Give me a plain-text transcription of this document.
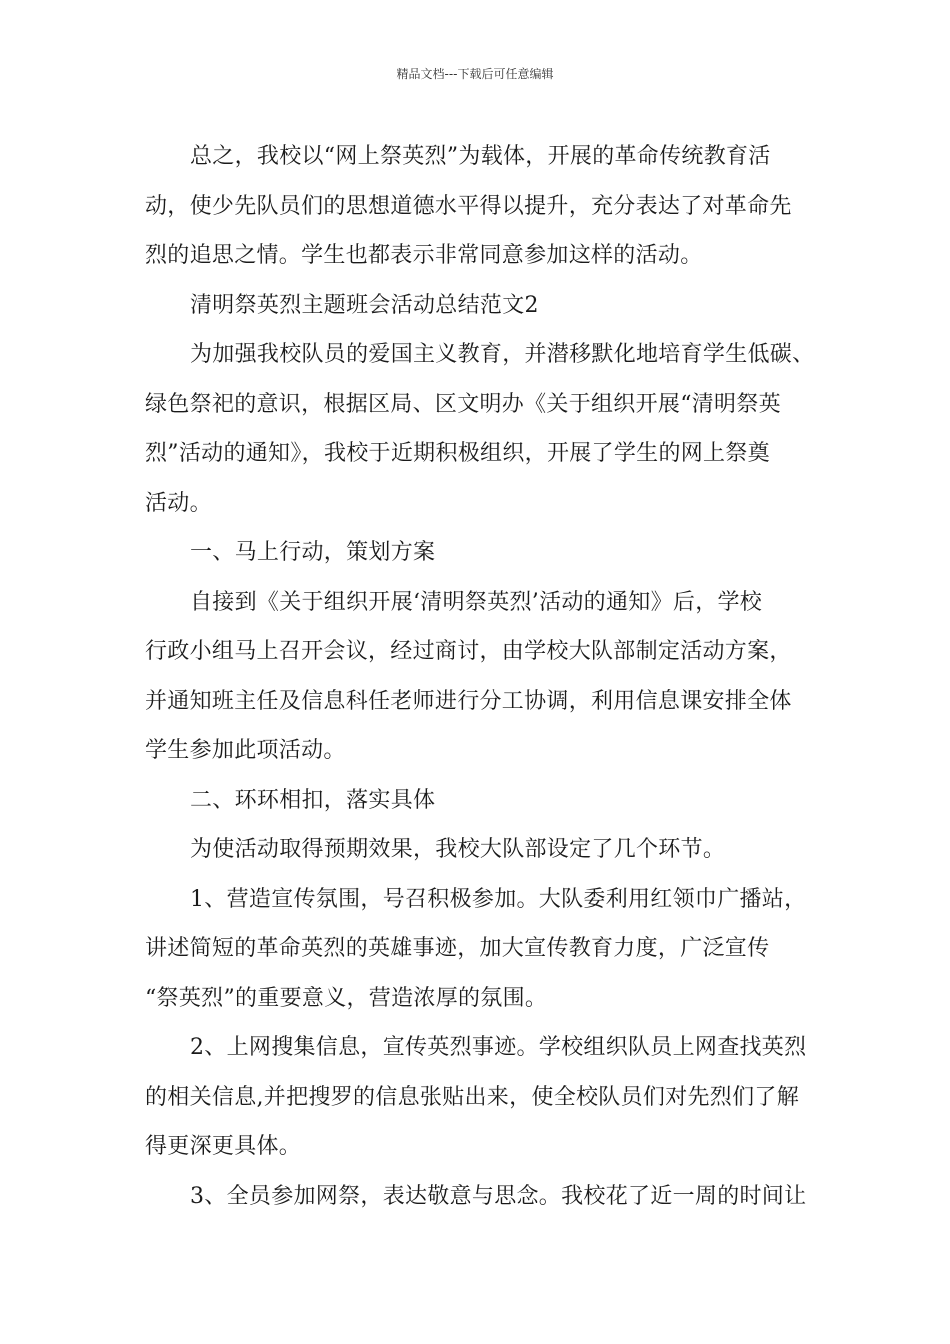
精品文档---下载后可任意编辑

总之，我校以“网上祭英烈”为载体，开展的革命传统教育活

动，使少先队员们的思想道德水平得以提升，充分表达了对革命先

烈的追思之情。学生也都表示非常同意参加这样的活动。

清明祭英烈主题班会活动总结范文2

为加强我校队员的爱国主义教育，并潜移默化地培育学生低碳、

绿色祭祀的意识，根据区局、区文明办《关于组织开展“清明祭英

烈”活动的通知》，我校于近期积极组织，开展了学生的网上祭奠

活动。

一、马上行动，策划方案

自接到《关于组织开展‘清明祭英烈’活动的通知》后，学校

行政小组马上召开会议，经过商讨，由学校大队部制定活动方案，

并通知班主任及信息科任老师进行分工协调，利用信息课安排全体

学生参加此项活动。

二、环环相扣，落实具体

为使活动取得预期效果，我校大队部设定了几个环节。

1、营造宣传氛围，号召积极参加。大队委利用红领巾广播站，

讲述简短的革命英烈的英雄事迹，加大宣传教育力度，广泛宣传

“祭英烈”的重要意义，营造浓厚的氛围。

2、上网搜集信息，宣传英烈事迹。学校组织队员上网查找英烈

的相关信息,并把搜罗的信息张贴出来，使全校队员们对先烈们了解

得更深更具体。

3、全员参加网祭，表达敬意与思念。我校花了近一周的时间让
